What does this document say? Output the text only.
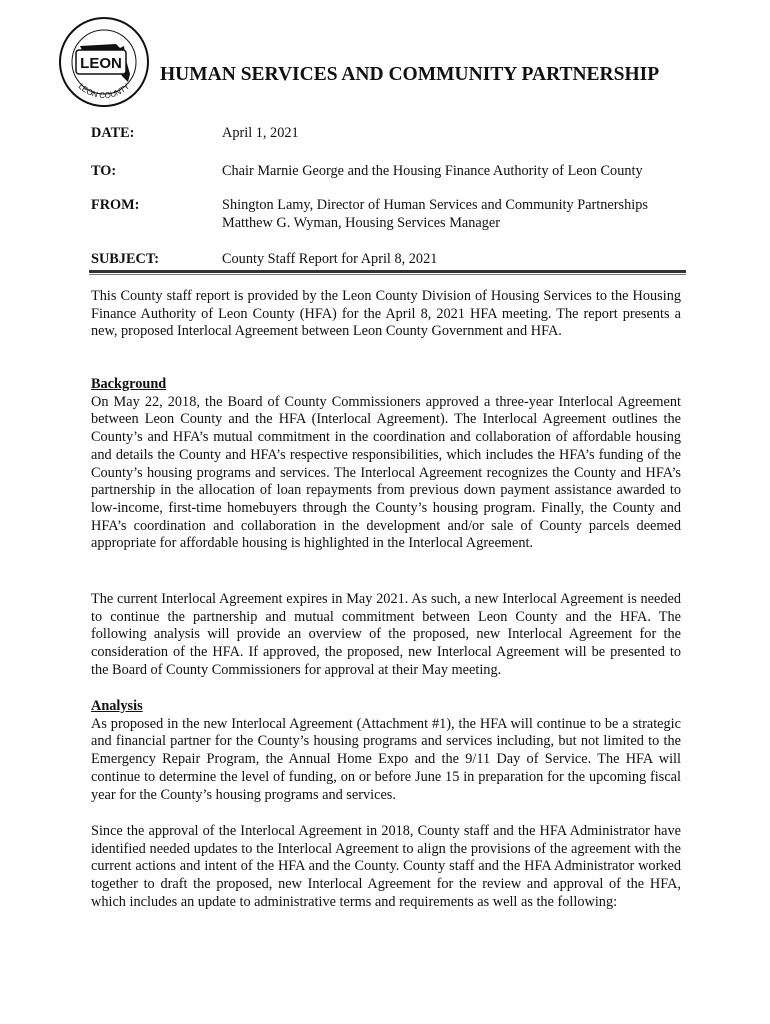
LEON
LEON COUNTY
HUMAN SERVICES AND COMMUNITY PARTNERSHIP
DATE:	April 1, 2021
TO:	Chair Marnie George and the Housing Finance Authority of Leon County
FROM:	Shington Lamy, Director of Human Services and Community Partnerships
Matthew G. Wyman, Housing Services Manager
SUBJECT:	County Staff Report for April 8, 2021

This County staff report is provided by the Leon County Division of Housing Services to the Housing Finance Authority of Leon County (HFA) for the April 8, 2021 HFA meeting. The report presents a new, proposed Interlocal Agreement between Leon County Government and HFA.

Background

On May 22, 2018, the Board of County Commissioners approved a three-year Interlocal Agreement between Leon County and the HFA (Interlocal Agreement). The Interlocal Agreement outlines the County’s and HFA’s mutual commitment in the coordination and collaboration of affordable housing and details the County and HFA’s respective responsibilities, which includes the HFA’s funding of the County’s housing programs and services. The Interlocal Agreement recognizes the County and HFA’s partnership in the allocation of loan repayments from previous down payment assistance awarded to low-income, first-time homebuyers through the County’s housing program. Finally, the County and HFA’s coordination and collaboration in the development and/or sale of County parcels deemed appropriate for affordable housing is highlighted in the Interlocal Agreement.

The current Interlocal Agreement expires in May 2021. As such, a new Interlocal Agreement is needed to continue the partnership and mutual commitment between Leon County and the HFA. The following analysis will provide an overview of the proposed, new Interlocal Agreement for the consideration of the HFA. If approved, the proposed, new Interlocal Agreement will be presented to the Board of County Commissioners for approval at their May meeting.

Analysis

As proposed in the new Interlocal Agreement (Attachment #1), the HFA will continue to be a strategic and financial partner for the County’s housing programs and services including, but not limited to the Emergency Repair Program, the Annual Home Expo and the 9/11 Day of Service. The HFA will continue to determine the level of funding, on or before June 15 in preparation for the upcoming fiscal year for the County’s housing programs and services.

Since the approval of the Interlocal Agreement in 2018, County staff and the HFA Administrator have identified needed updates to the Interlocal Agreement to align the provisions of the agreement with the current actions and intent of the HFA and the County. County staff and the HFA Administrator worked together to draft the proposed, new Interlocal Agreement for the review and approval of the HFA, which includes an update to administrative terms and requirements as well as the following:
